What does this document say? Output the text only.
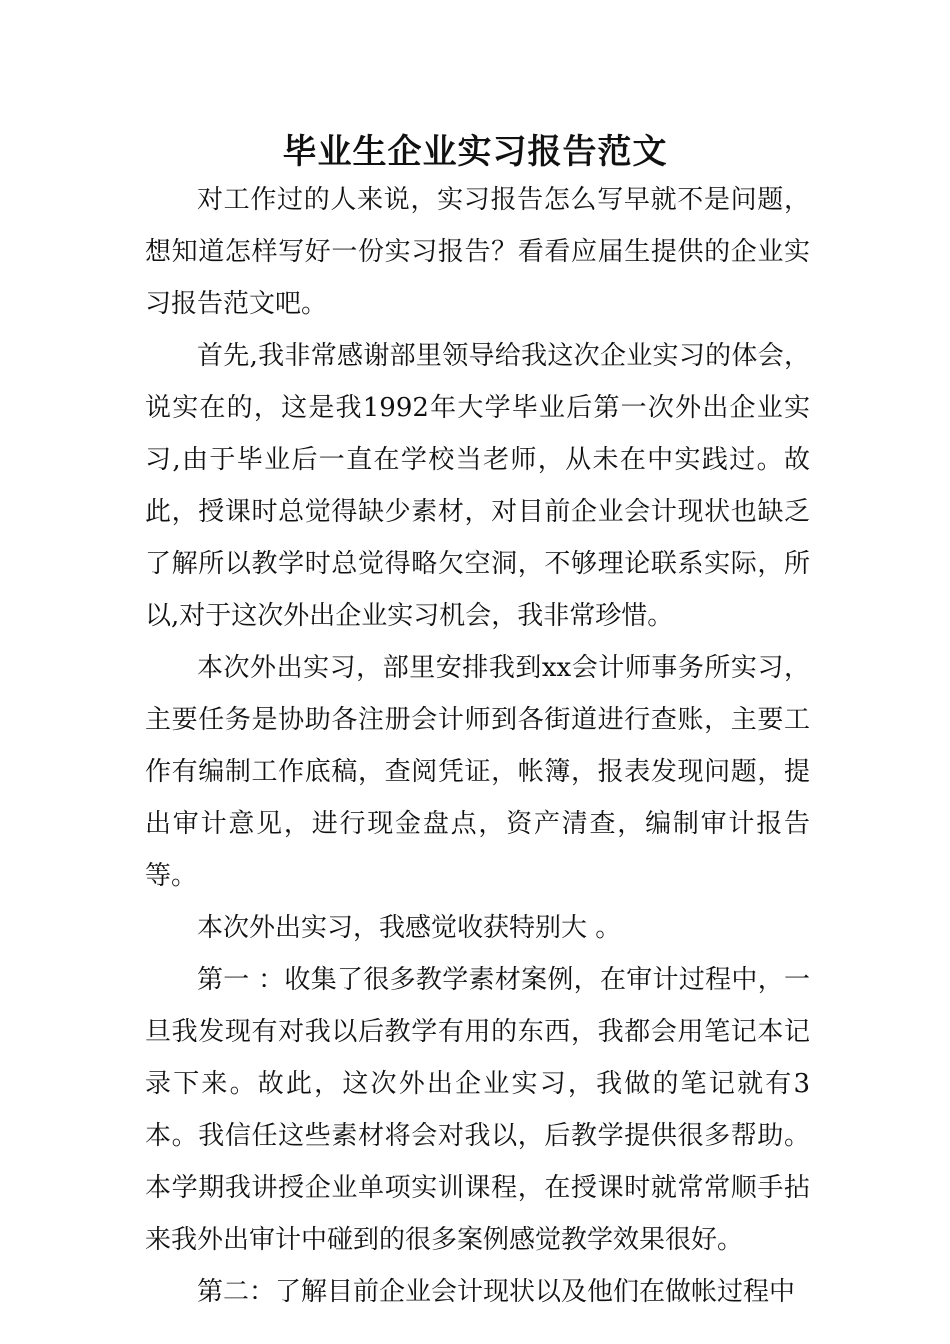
毕业生企业实习报告范文

对工作过的人来说，实习报告怎么写早就不是问题，想知道怎样写好一份实习报告？看看应届生提供的企业实习报告范文吧。

首先,我非常感谢部里领导给我这次企业实习的体会，说实在的，这是我1992年大学毕业后第一次外出企业实习,由于毕业后一直在学校当老师，从未在中实践过。故此，授课时总觉得缺少素材，对目前企业会计现状也缺乏了解所以教学时总觉得略欠空洞，不够理论联系实际，所以,对于这次外出企业实习机会，我非常珍惜。

本次外出实习，部里安排我到xx会计师事务所实习，主要任务是协助各注册会计师到各街道进行查账，主要工作有编制工作底稿，查阅凭证，帐簿，报表发现问题，提出审计意见，进行现金盘点，资产清查，编制审计报告等。

本次外出实习，我感觉收获特别大 。

第一 ：收集了很多教学素材案例，在审计过程中，一旦我发现有对我以后教学有用的东西，我都会用笔记本记录下来。故此，这次外出企业实习，我做的笔记就有3本。我信任这些素材将会对我以，后教学提供很多帮助。本学期我讲授企业单项实训课程，在授课时就常常顺手拈来我外出审计中碰到的很多案例感觉教学效果很好。

第二：了解目前企业会计现状以及他们在做帐过程中
